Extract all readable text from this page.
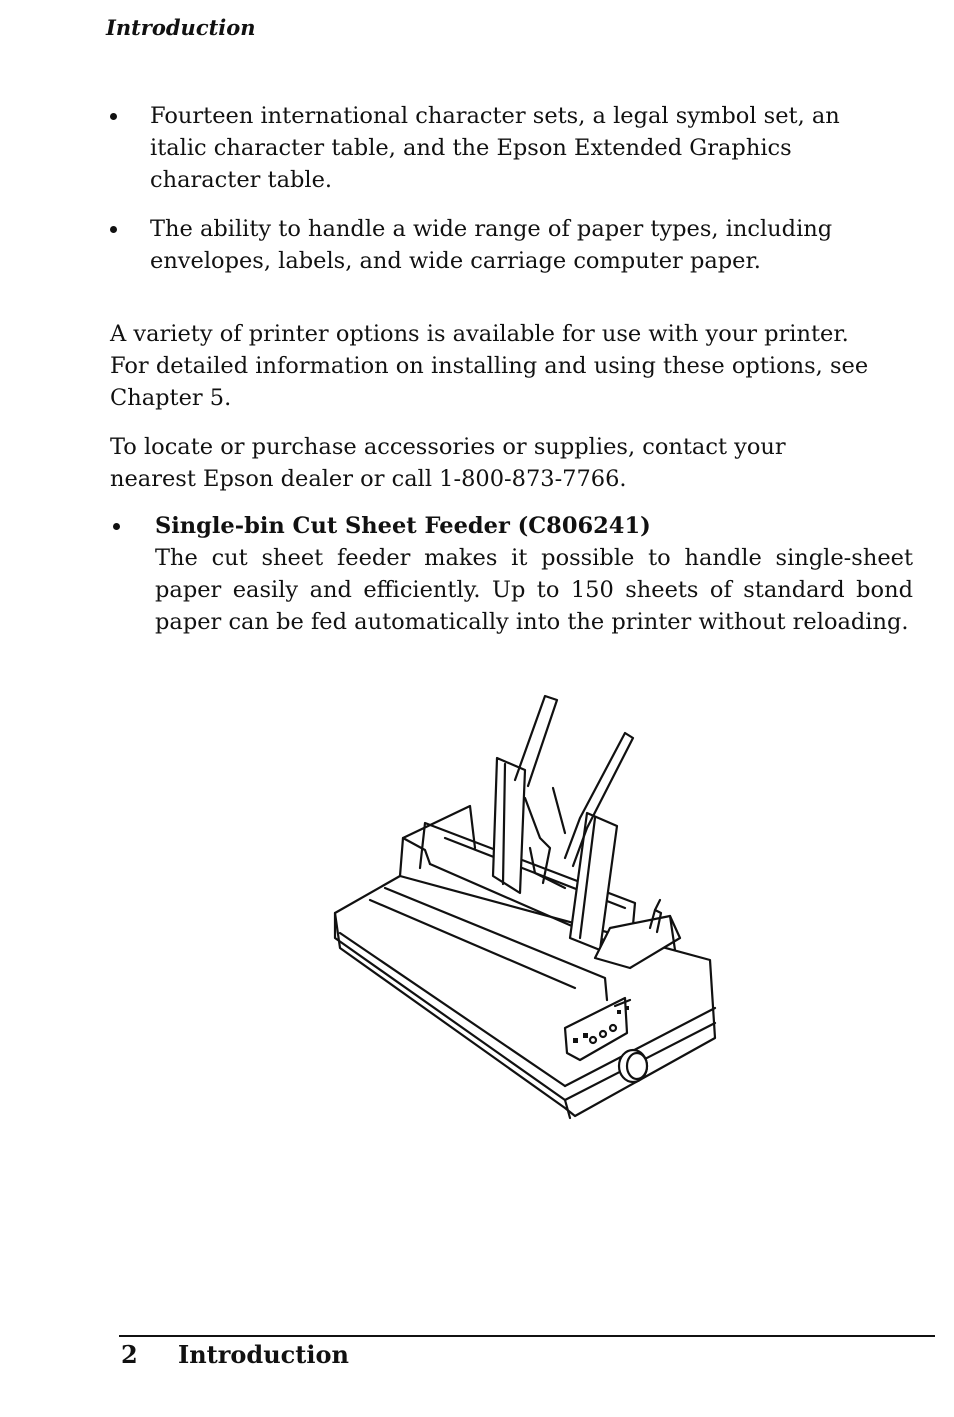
Introduction
Fourteen international character sets, a legal symbol set, an italic character table, and the Epson Extended Graphics character table.
The ability to handle a wide range of paper types, including envelopes, labels, and wide carriage computer paper.

A variety of printer options is available for use with your printer. For detailed information on installing and using these options, see Chapter 5.

To locate or purchase accessories or supplies, contact your nearest Epson dealer or call 1-800-873-7766.

Single-bin Cut Sheet Feeder (C806241)
The cut sheet feeder makes it possible to handle single-sheet paper easily and efficiently. Up to 150 sheets of standard bond paper can be fed automatically into the printer without reloading.
2 Introduction
